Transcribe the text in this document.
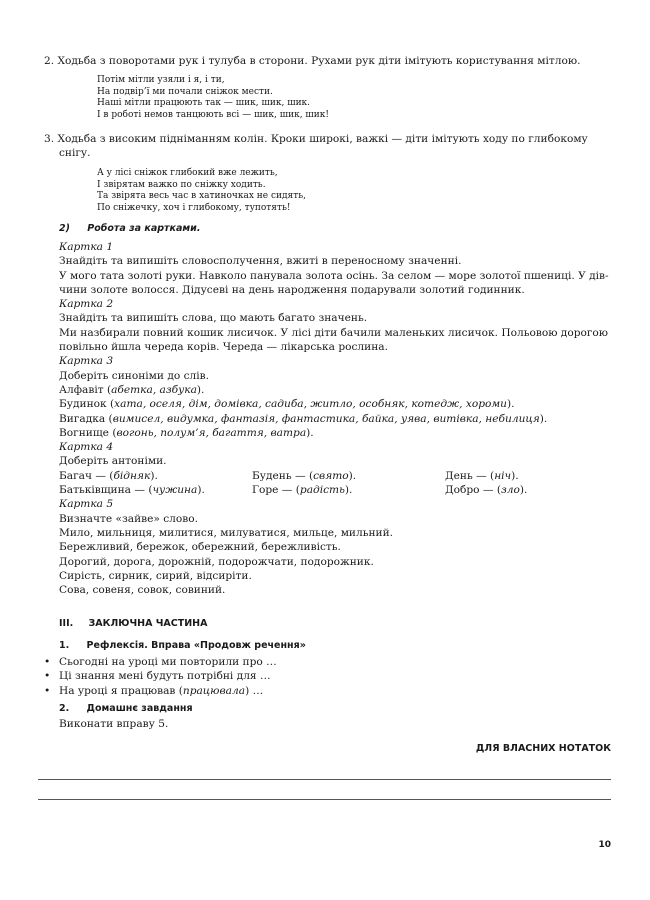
2. Ходьба з поворотами рук і тулуба в сторони. Рухами рук діти імітують користування мітлою.
Потім мітли узяли і я, і ти,
На подвір’ї ми почали сніжок мести.
Наші мітли працюють так — шик, шик, шик.
І в роботі немов танцюють всі — шик, шик, шик!
3. Ходьба з високим підніманням колін. Кроки широкі, важкі — діти імітують ходу по глибокому
снігу.
А у лісі сніжок глибокий вже лежить,
І звірятам важко по сніжку ходить.
Та звірята весь час в хатиночках не сидять,
По сніжечку, хоч і глибокому, тупотять!
2) Робота за картками.
Картка 1
Знайдіть та випишіть словосполучення, вжиті в переносному значенні.
У мого тата золоті руки. Навколо панувала золота осінь. За селом — море золотої пшениці. У дів-
чини золоте волосся. Дідусеві на день народження подарували золотий годинник.
Картка 2
Знайдіть та випишіть слова, що мають багато значень.
Ми назбирали повний кошик лисичок. У лісі діти бачили маленьких лисичок. Польовою дорогою
повільно йшла череда корів. Череда — лікарська рослина.
Картка 3
Доберіть синоніми до слів.
Алфавіт (абетка, азбука).
Будинок (хата, оселя, дім, домівка, садиба, житло, особняк, котедж, хороми).
Вигадка (вимисел, видумка, фантазія, фантастика, байка, уява, витівка, небилиця).
Вогнище (вогонь, полум’я, багаття, ватра).
Картка 4
Доберіть антоніми.
Багач — (бідняк).	Будень — (свято).	День — (ніч).
Батьківщина — (чужина).	Горе — (радість).	Добро — (зло).
Картка 5
Визначте «зайве» слово.
Мило, мильниця, милитися, милуватися, мильце, мильний.
Бережливий, бережок, обережний, бережливість.
Дорогий, дорога, дорожній, подорожчати, подорожник.
Сирість, сирник, сирий, відсиріти.
Сова, совеня, совок, совиний.
III. ЗАКЛЮЧНА ЧАСТИНА
1. Рефлексія. Вправа «Продовж речення»
• Сьогодні на уроці ми повторили про …
• Ці знання мені будуть потрібні для …
• На уроці я працював (працювала) …
2. Домашнє завдання
Виконати вправу 5.
ДЛЯ ВЛАСНИХ НОТАТОК
10
